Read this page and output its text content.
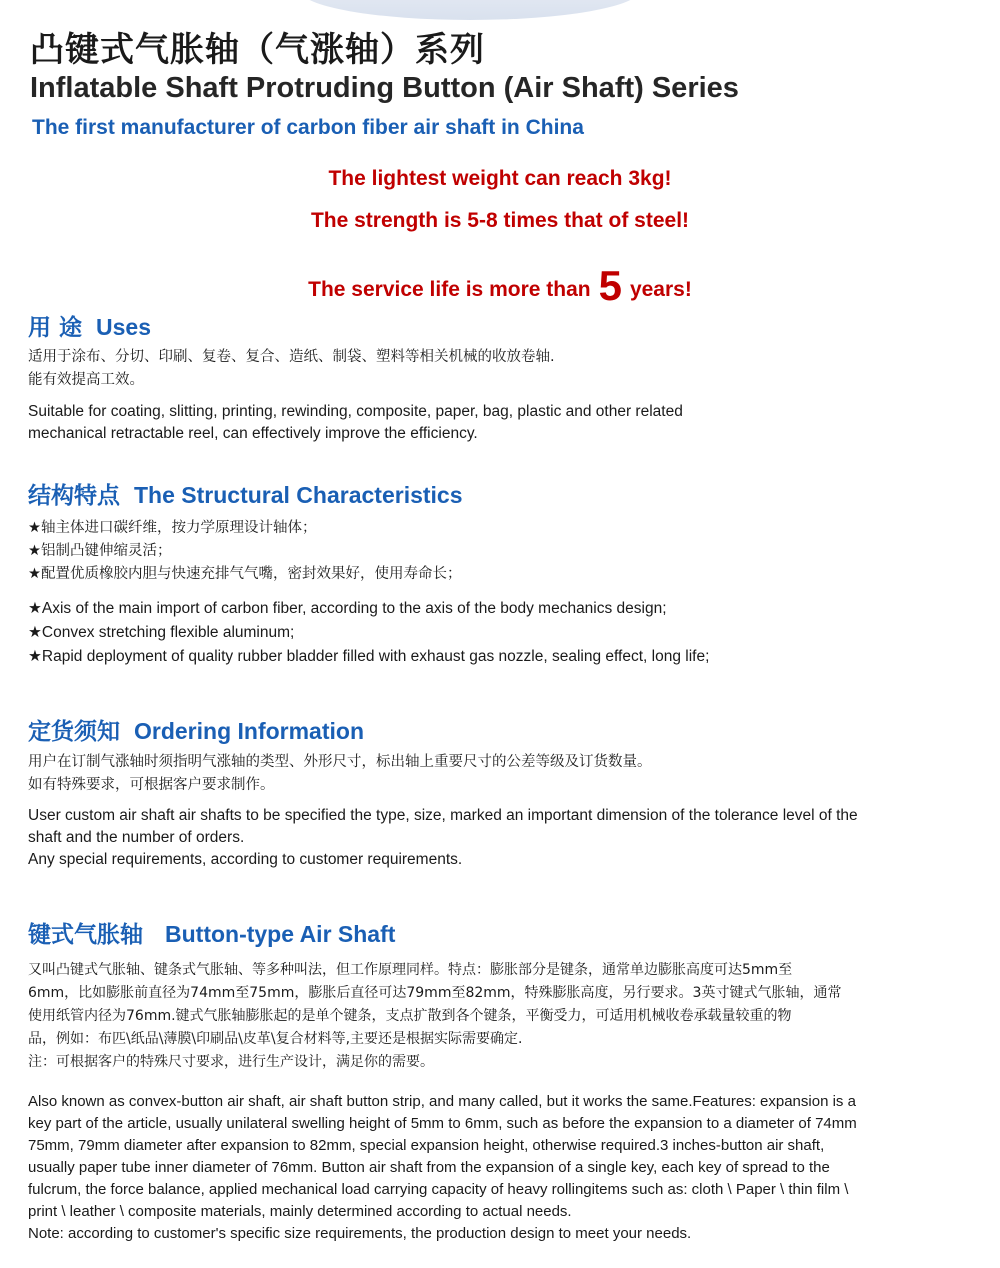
凸键式气胀轴（气涨轴）系列
Inflatable Shaft Protruding Button (Air Shaft) Series
The first manufacturer of carbon fiber air shaft in China
The lightest weight can reach 3kg!
The strength is 5-8 times that of steel!
The service life is more than 5 years!
用 途 Uses
适用于涂布、分切、印刷、复卷、复合、造纸、制袋、塑料等相关机械的收放卷轴.
能有效提高工效。
Suitable for coating, slitting, printing, rewinding, composite, paper, bag, plastic and other related
mechanical retractable reel, can effectively improve the efficiency.
结构特点 The Structural Characteristics
★轴主体进口碳纤维，按力学原理设计轴体；
★铝制凸键伸缩灵活；
★配置优质橡胶内胆与快速充排气气嘴，密封效果好，使用寿命长；
★Axis of the main import of carbon fiber, according to the axis of the body mechanics design;
★Convex stretching flexible aluminum;
★Rapid deployment of quality rubber bladder filled with exhaust gas nozzle, sealing effect, long life;
定货须知 Ordering Information
用户在订制气涨轴时须指明气涨轴的类型、外形尺寸，标出轴上重要尺寸的公差等级及订货数量。
如有特殊要求，可根据客户要求制作。
User custom air shaft air shafts to be specified the type, size, marked an important dimension of the tolerance level of the
shaft and the number of orders.
Any special requirements, according to customer requirements.
键式气胀轴 Button-type Air Shaft
又叫凸键式气胀轴、键条式气胀轴、等多种叫法，但工作原理同样。特点：膨胀部分是键条，通常单边膨胀高度可达5mm至
6mm，比如膨胀前直径为74mm至75mm，膨胀后直径可达79mm至82mm，特殊膨胀高度，另行要求。3英寸键式气胀轴，通常
使用纸管内径为76mm.键式气胀轴膨胀起的是单个键条，支点扩散到各个键条，平衡受力，可适用机械收卷承载量较重的物
品，例如：布匹\纸品\薄膜\印刷品\皮革\复合材料等,主要还是根据实际需要确定.
注：可根据客户的特殊尺寸要求，进行生产设计，满足你的需要。
Also known as convex-button air shaft, air shaft button strip, and many called, but it works the same.Features: expansion is a
key part of the article, usually unilateral swelling height of 5mm to 6mm, such as before the expansion to a diameter of 74mm
75mm, 79mm diameter after expansion to 82mm, special expansion height, otherwise required.3 inches-button air shaft,
usually paper tube inner diameter of 76mm. Button air shaft from the expansion of a single key, each key of spread to the
fulcrum, the force balance, applied mechanical load carrying capacity of heavy rollingitems such as: cloth \ Paper \ thin film \
print \ leather \ composite materials, mainly determined according to actual needs.
Note: according to customer's specific size requirements, the production design to meet your needs.
